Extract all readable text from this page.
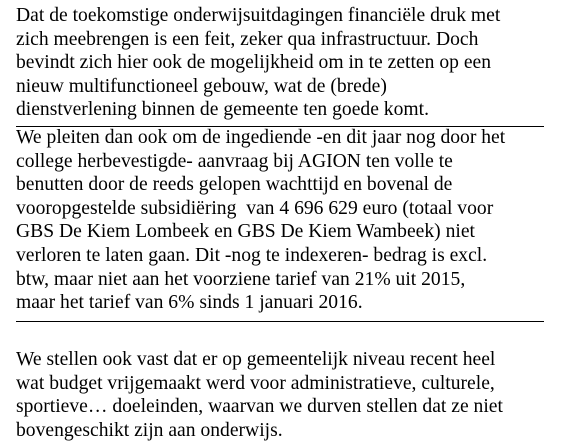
Dat de toekomstige onderwijsuitdagingen financiële druk met
zich meebrengen is een feit, zeker qua infrastructuur. Doch
bevindt zich hier ook de mogelijkheid om in te zetten op een
nieuw multifunctioneel gebouw, wat de (brede)
dienstverlening binnen de gemeente ten goede komt.
We pleiten dan ook om de ingediende -en dit jaar nog door het
college herbevestigde- aanvraag bij AGION ten volle te
benutten door de reeds gelopen wachttijd en bovenal de
vooropgestelde subsidiëring  van 4 696 629 euro (totaal voor
GBS De Kiem Lombeek en GBS De Kiem Wambeek) niet
verloren te laten gaan. Dit -nog te indexeren- bedrag is excl.
btw, maar niet aan het voorziene tarief van 21% uit 2015,
maar het tarief van 6% sinds 1 januari 2016.
We stellen ook vast dat er op gemeentelijk niveau recent heel
wat budget vrijgemaakt werd voor administratieve, culturele,
sportieve… doeleinden, waarvan we durven stellen dat ze niet
bovengeschikt zijn aan onderwijs.
